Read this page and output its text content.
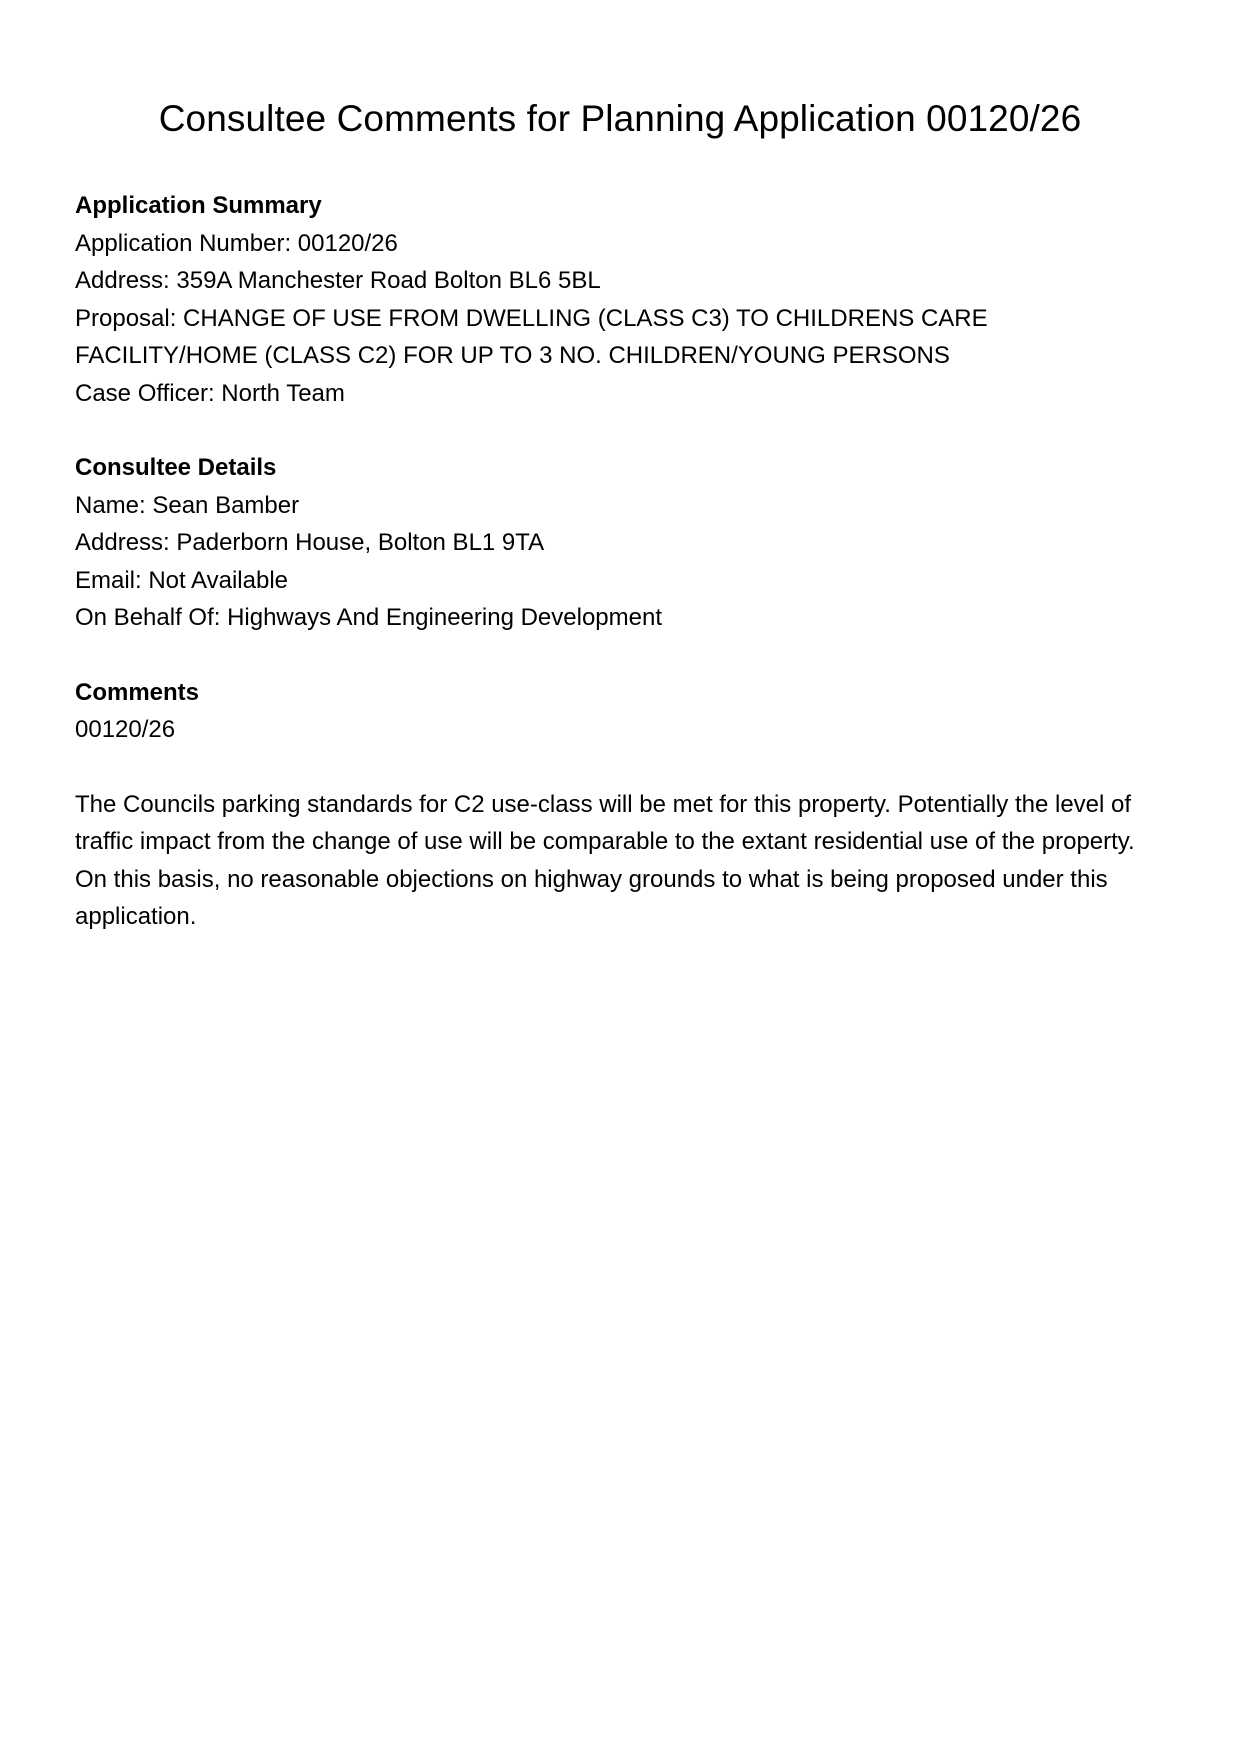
Consultee Comments for Planning Application 00120/26

Application Summary

Application Number: 00120/26

Address: 359A Manchester Road Bolton BL6 5BL

Proposal: CHANGE OF USE FROM DWELLING (CLASS C3) TO CHILDRENS CARE

FACILITY/HOME (CLASS C2) FOR UP TO 3 NO. CHILDREN/YOUNG PERSONS

Case Officer: North Team

Consultee Details

Name: Sean Bamber

Address: Paderborn House, Bolton BL1 9TA

Email: Not Available

On Behalf Of: Highways And Engineering Development

Comments

00120/26

The Councils parking standards for C2 use-class will be met for this property. Potentially the level of traffic impact from the change of use will be comparable to the extant residential use of the property. On this basis, no reasonable objections on highway grounds to what is being proposed under this application.
